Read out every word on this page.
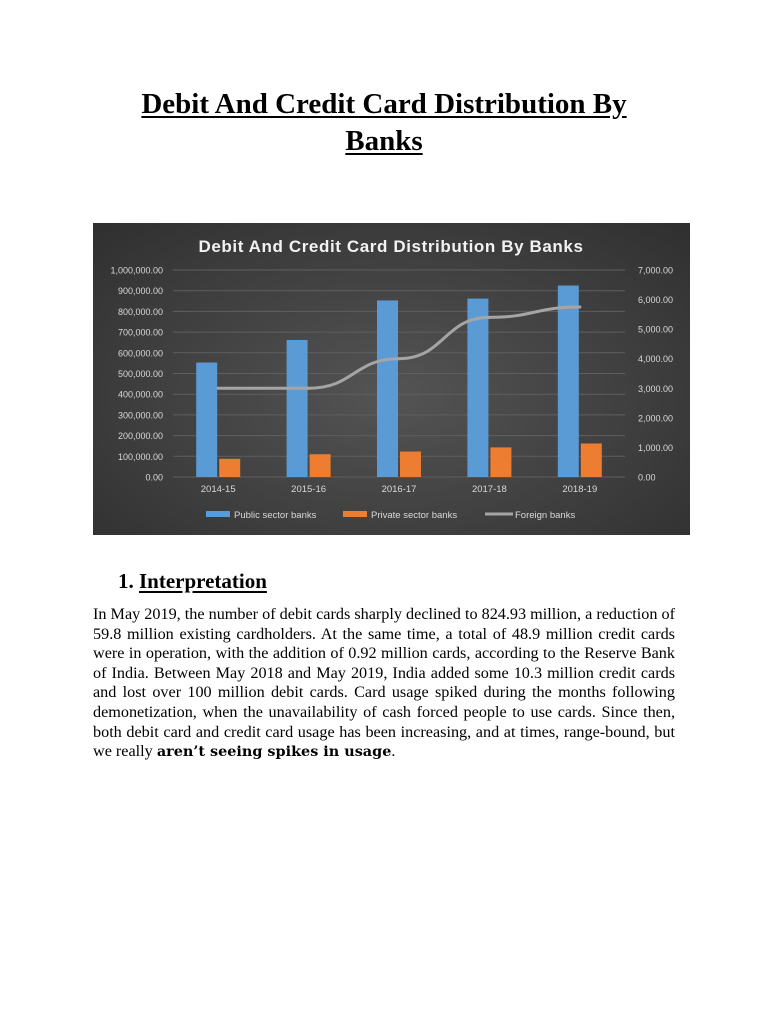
Debit And Credit Card Distribution By Banks
Debit And Credit Card Distribution By Banks
0.00
100,000.00
200,000.00
300,000.00
400,000.00
500,000.00
600,000.00
700,000.00
800,000.00
900,000.00
1,000,000.00
0.00
1,000.00
2,000.00
3,000.00
4,000.00
5,000.00
6,000.00
7,000.00
2014-15	2015-16	2016-17	2017-18	2018-19
Public sector banks	Private sector banks	Foreign banks
1. Interpretation

In May 2019, the number of debit cards sharply declined to 824.93 million, a reduction of 59.8 million existing cardholders. At the same time, a total of 48.9 million credit cards were in operation, with the addition of 0.92 million cards, according to the Reserve Bank of India. Between May 2018 and May 2019, India added some 10.3 million credit cards and lost over 100 million debit cards. Card usage spiked during the months following demonetization, when the unavailability of cash forced people to use cards. Since then, both debit card and credit card usage has been increasing, and at times, range-bound, but we really aren’t seeing spikes in usage.
